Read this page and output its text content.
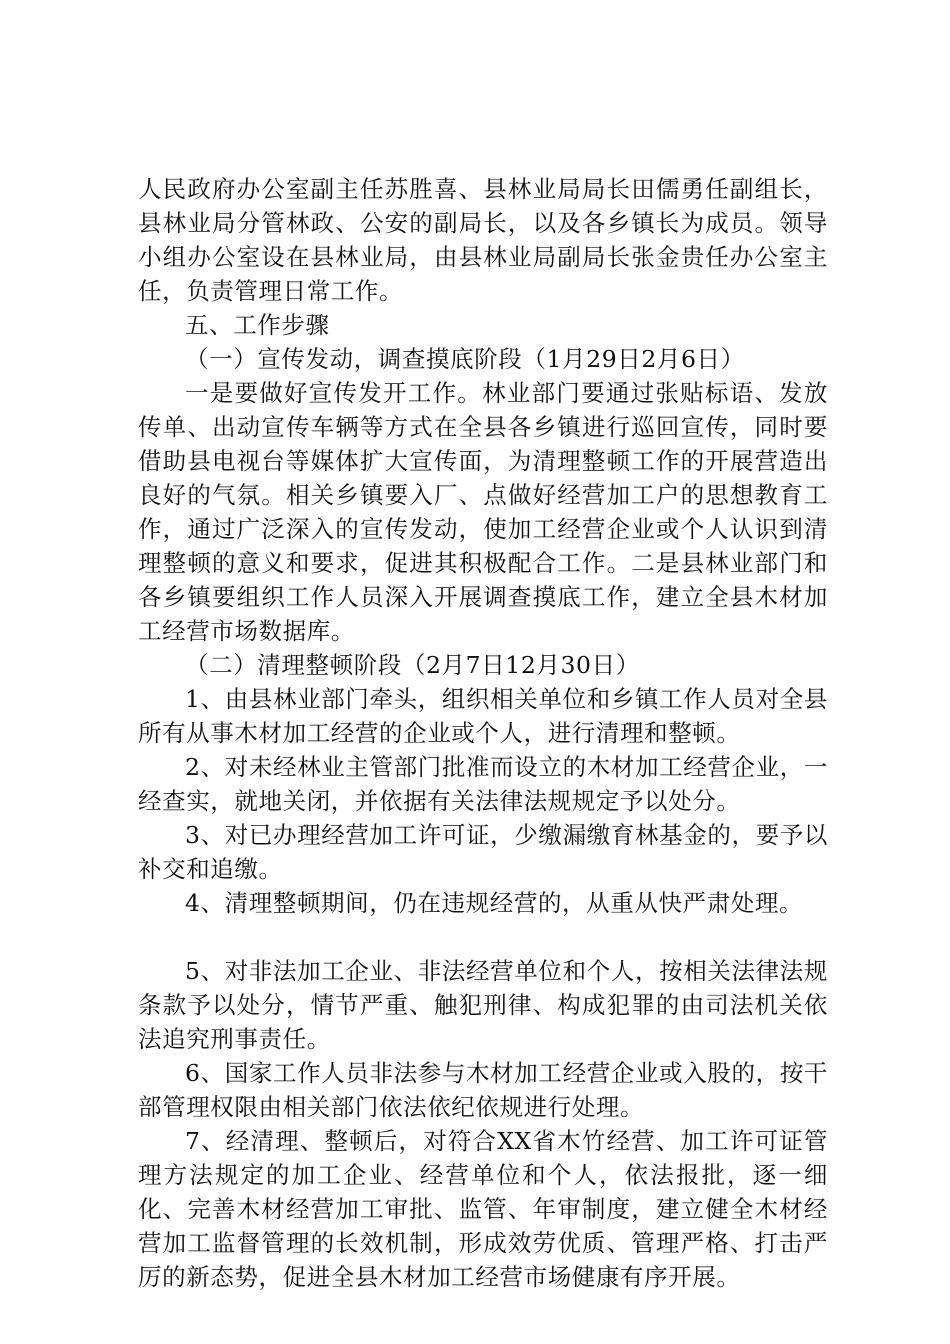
人民政府办公室副主任苏胜喜、县林业局局长田儒勇任副组长，县林业局分管林政、公安的副局长，以及各乡镇长为成员。领导小组办公室设在县林业局，由县林业局副局长张金贵任办公室主任，负责管理日常工作。

五、工作步骤

（一）宣传发动，调查摸底阶段（1月29日2月6日）

一是要做好宣传发开工作。林业部门要通过张贴标语、发放传单、出动宣传车辆等方式在全县各乡镇进行巡回宣传，同时要借助县电视台等媒体扩大宣传面，为清理整顿工作的开展营造出良好的气氛。相关乡镇要入厂、点做好经营加工户的思想教育工作，通过广泛深入的宣传发动，使加工经营企业或个人认识到清理整顿的意义和要求，促进其积极配合工作。二是县林业部门和各乡镇要组织工作人员深入开展调查摸底工作，建立全县木材加工经营市场数据库。

（二）清理整顿阶段（2月7日12月30日）

1、由县林业部门牵头，组织相关单位和乡镇工作人员对全县所有从事木材加工经营的企业或个人，进行清理和整顿。

2、对未经林业主管部门批准而设立的木材加工经营企业，一经查实，就地关闭，并依据有关法律法规规定予以处分。

3、对已办理经营加工许可证，少缴漏缴育林基金的，要予以补交和追缴。

4、清理整顿期间，仍在违规经营的，从重从快严肃处理。

5、对非法加工企业、非法经营单位和个人，按相关法律法规条款予以处分，情节严重、触犯刑律、构成犯罪的由司法机关依法追究刑事责任。

6、国家工作人员非法参与木材加工经营企业或入股的，按干部管理权限由相关部门依法依纪依规进行处理。

7、经清理、整顿后，对符合XX省木竹经营、加工许可证管理方法规定的加工企业、经营单位和个人，依法报批，逐一细化、完善木材经营加工审批、监管、年审制度，建立健全木材经营加工监督管理的长效机制，形成效劳优质、管理严格、打击严厉的新态势，促进全县木材加工经营市场健康有序开展。
